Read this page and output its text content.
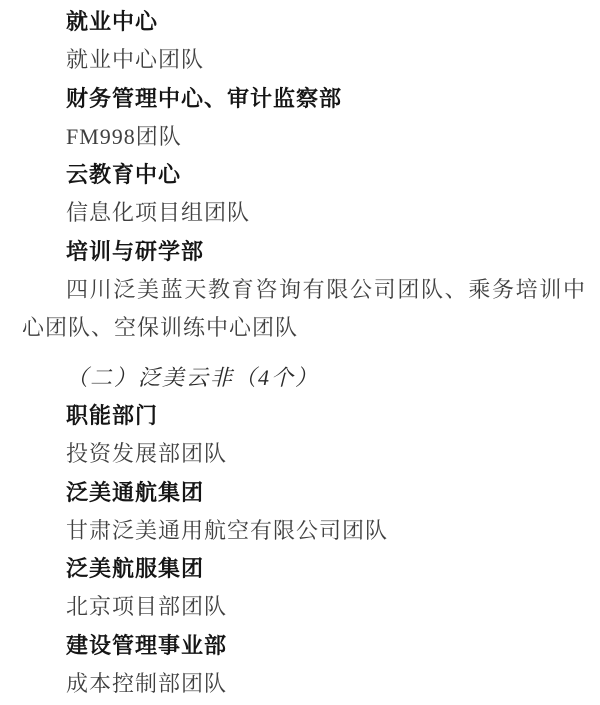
就业中心

就业中心团队

财务管理中心、审计监察部

FM998团队

云教育中心

信息化项目组团队

培训与研学部

四川泛美蓝天教育咨询有限公司团队、乘务培训中心团队、空保训练中心团队

（二）泛美云非（4个）

职能部门

投资发展部团队

泛美通航集团

甘肃泛美通用航空有限公司团队

泛美航服集团

北京项目部团队

建设管理事业部

成本控制部团队
